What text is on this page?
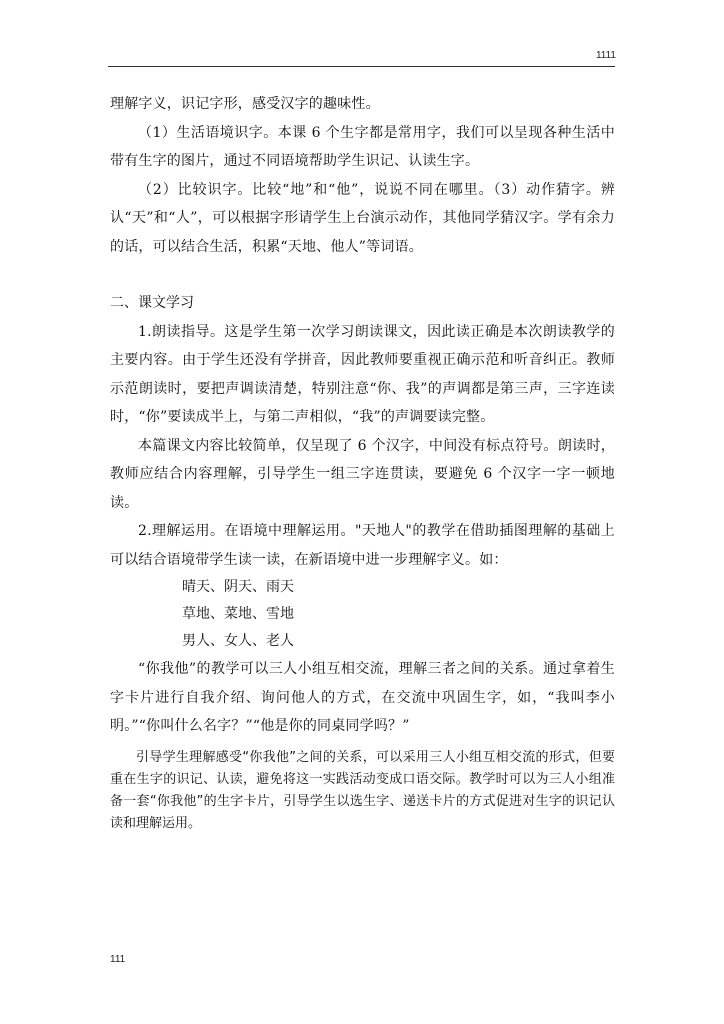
1111

理解字义，识记字形，感受汉字的趣味性。

（1）生活语境识字。本课 6 个生字都是常用字，我们可以呈现各种生活中带有生字的图片，通过不同语境帮助学生识记、认读生字。

（2）比较识字。比较“地”和“他”，说说不同在哪里。（3）动作猜字。辨认“天”和“人”，可以根据字形请学生上台演示动作，其他同学猜汉字。学有余力的话，可以结合生活，积累“天地、他人”等词语。

二、课文学习

1.朗读指导。这是学生第一次学习朗读课文，因此读正确是本次朗读教学的主要内容。由于学生还没有学拼音，因此教师要重视正确示范和听音纠正。教师示范朗读时，要把声调读清楚，特别注意“你、我”的声调都是第三声，三字连读时，“你”要读成半上，与第二声相似，“我”的声调要读完整。

本篇课文内容比较简单，仅呈现了 6 个汉字，中间没有标点符号。朗读时，教师应结合内容理解，引导学生一组三字连贯读，要避免 6 个汉字一字一顿地读。

2.理解运用。在语境中理解运用。"天地人"的教学在借助插图理解的基础上可以结合语境带学生读一读，在新语境中进一步理解字义。如：

晴天、阴天、雨天

草地、菜地、雪地

男人、女人、老人

“你我他”的教学可以三人小组互相交流，理解三者之间的关系。通过拿着生字卡片进行自我介绍、询问他人的方式，在交流中巩固生字，如，“我叫李小明。”“你叫什么名字？”“他是你的同桌同学吗？”

引导学生理解感受“你我他”之间的关系，可以采用三人小组互相交流的形式，但要重在生字的识记、认读，避免将这一实践活动变成口语交际。教学时可以为三人小组准备一套“你我他”的生字卡片，引导学生以选生字、递送卡片的方式促进对生字的识记认读和理解运用。

111
